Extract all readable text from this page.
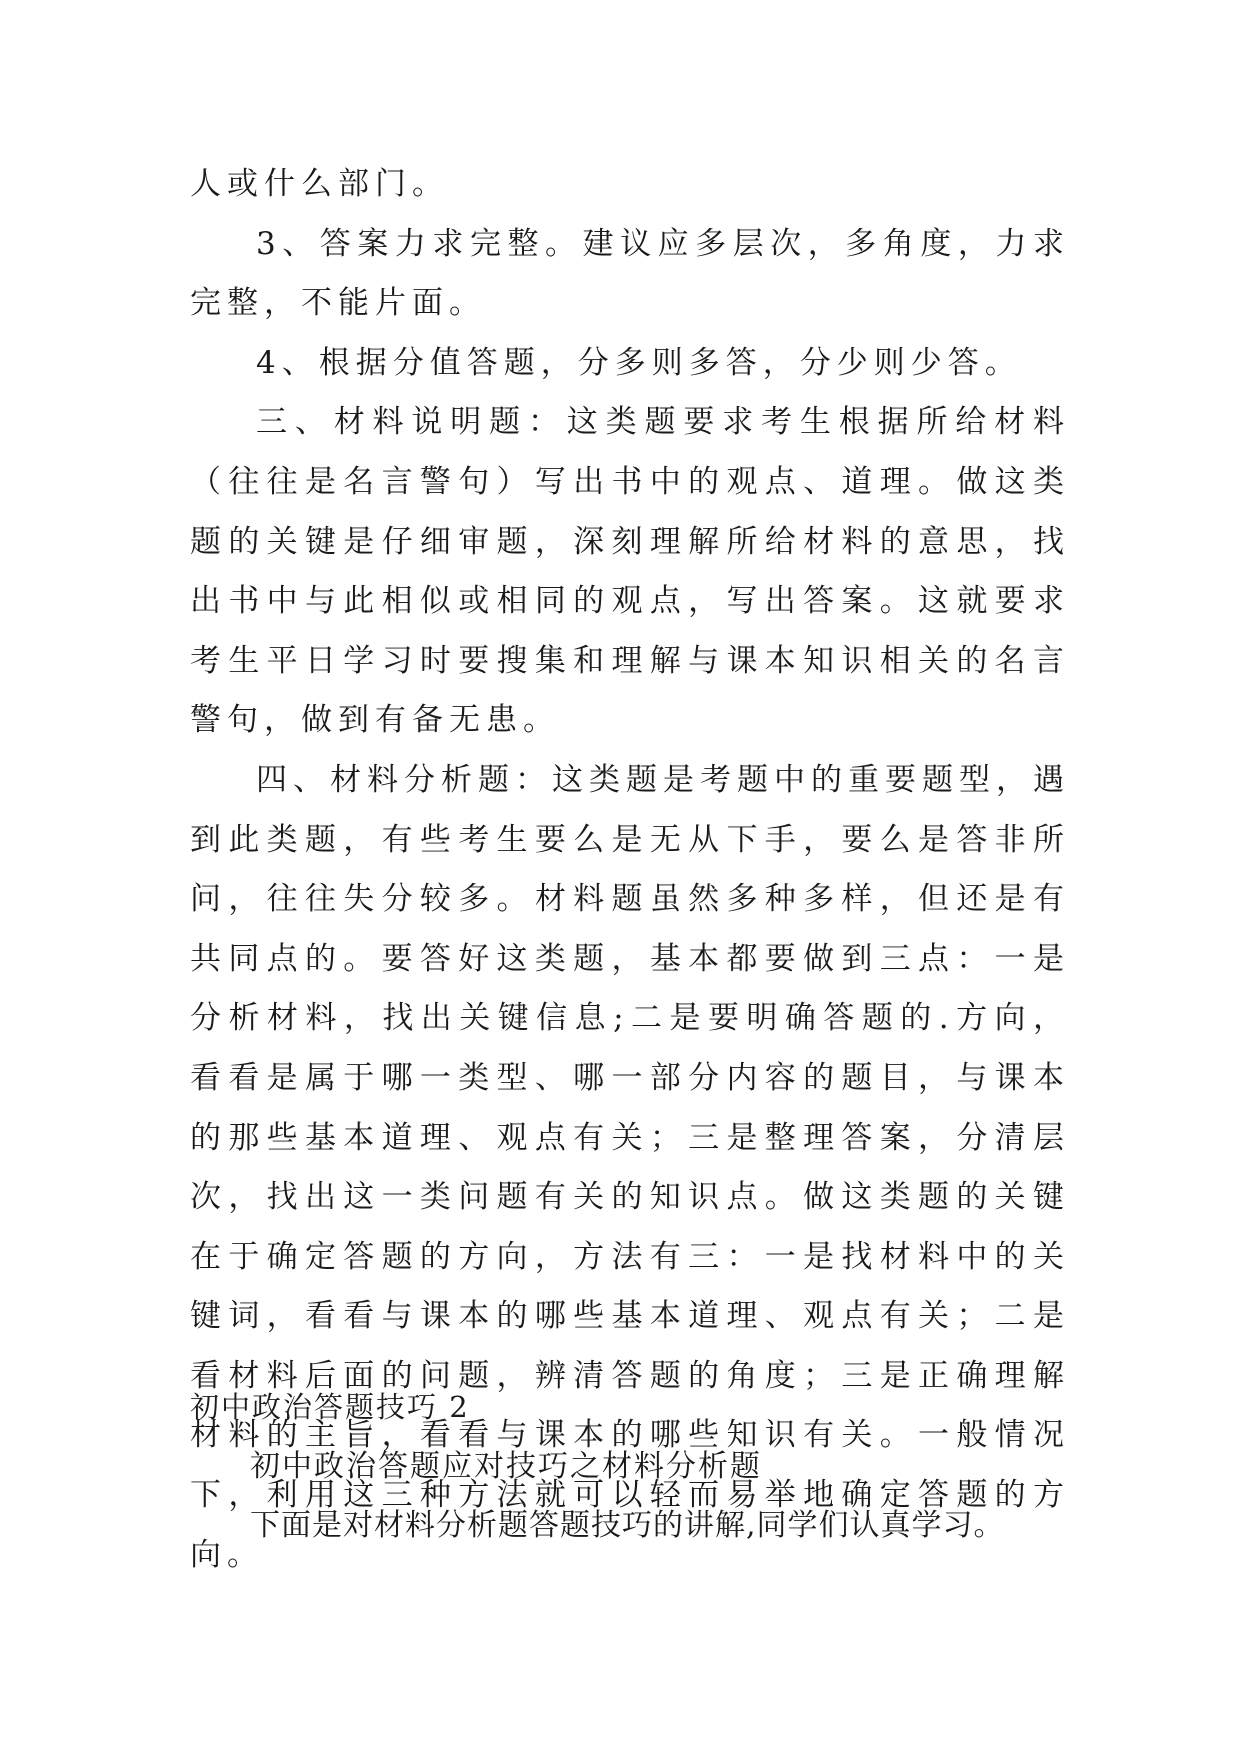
人或什么部门。

3、答案力求完整。建议应多层次，多角度，力求完整，不能片面。

4、根据分值答题，分多则多答，分少则少答。

三、材料说明题：这类题要求考生根据所给材料（往往是名言警句）写出书中的观点、道理。做这类题的关键是仔细审题，深刻理解所给材料的意思，找出书中与此相似或相同的观点，写出答案。这就要求考生平日学习时要搜集和理解与课本知识相关的名言警句，做到有备无患。

四、材料分析题：这类题是考题中的重要题型，遇到此类题，有些考生要么是无从下手，要么是答非所问，往往失分较多。材料题虽然多种多样，但还是有共同点的。要答好这类题，基本都要做到三点：一是分析材料，找出关键信息;二是要明确答题的.方向，看看是属于哪一类型、哪一部分内容的题目，与课本的那些基本道理、观点有关；三是整理答案，分清层次，找出这一类问题有关的知识点。做这类题的关键在于确定答题的方向，方法有三：一是找材料中的关键词，看看与课本的哪些基本道理、观点有关；二是看材料后面的问题，辨清答题的角度；三是正确理解材料的主旨，看看与课本的哪些知识有关。一般情况下，利用这三种方法就可以轻而易举地确定答题的方向。

初中政治答题技巧 2
初中政治答题应对技巧之材料分析题
下面是对材料分析题答题技巧的讲解,同学们认真学习。
